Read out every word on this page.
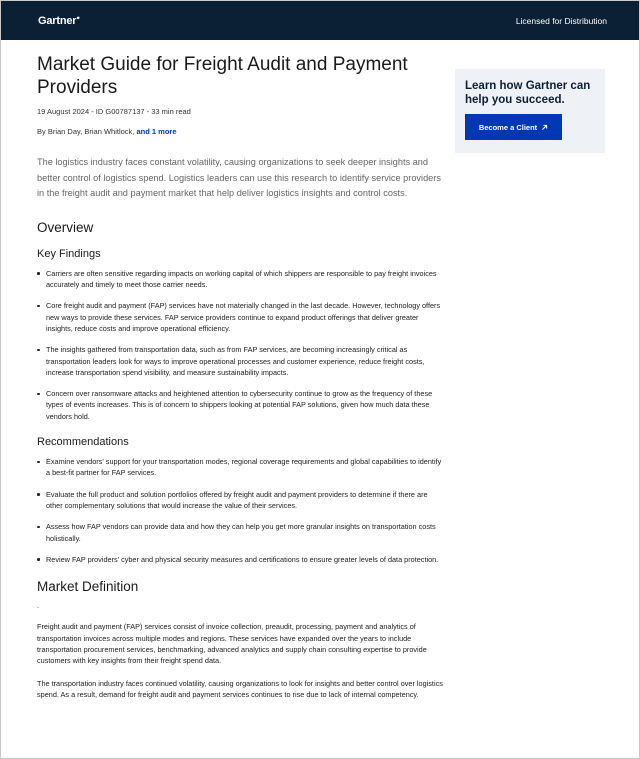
Gartner●	Licensed for Distribution
Market Guide for Freight Audit and Payment Providers
19 August 2024 - ID G00787137 - 33 min read
By Brian Day, Brian Whitlock, and 1 more

The logistics industry faces constant volatility, causing organizations to seek deeper insights and better control of logistics spend. Logistics leaders can use this research to identify service providers in the freight audit and payment market that help deliver logistics insights and control costs.

Overview
Key Findings
Carriers are often sensitive regarding impacts on working capital of which shippers are responsible to pay freight invoices accurately and timely to meet those carrier needs.
Core freight audit and payment (FAP) services have not materially changed in the last decade. However, technology offers new ways to provide these services. FAP service providers continue to expand product offerings that deliver greater insights, reduce costs and improve operational efficiency.
The insights gathered from transportation data, such as from FAP services, are becoming increasingly critical as transportation leaders look for ways to improve operational processes and customer experience, reduce freight costs, increase transportation spend visibility, and measure sustainability impacts.
Concern over ransomware attacks and heightened attention to cybersecurity continue to grow as the frequency of these types of events increases. This is of concern to shippers looking at potential FAP solutions, given how much data these vendors hold.
Recommendations
Examine vendors' support for your transportation modes, regional coverage requirements and global capabilities to identify a best-fit partner for FAP services.
Evaluate the full product and solution portfolios offered by freight audit and payment providers to determine if there are other complementary solutions that would increase the value of their services.
Assess how FAP vendors can provide data and how they can help you get more granular insights on transportation costs holistically.
Review FAP providers' cyber and physical security measures and certifications to ensure greater levels of data protection.
Market Definition
.

Freight audit and payment (FAP) services consist of invoice collection, preaudit, processing, payment and analytics of transportation invoices across multiple modes and regions. These services have expanded over the years to include transportation procurement services, benchmarking, advanced analytics and supply chain consulting expertise to provide customers with key insights from their freight spend data.

The transportation industry faces continued volatility, causing organizations to look for insights and better control over logistics spend. As a result, demand for freight audit and payment services continues to rise due to lack of internal competency.

Learn how Gartner can help you succeed.
Become a Client
